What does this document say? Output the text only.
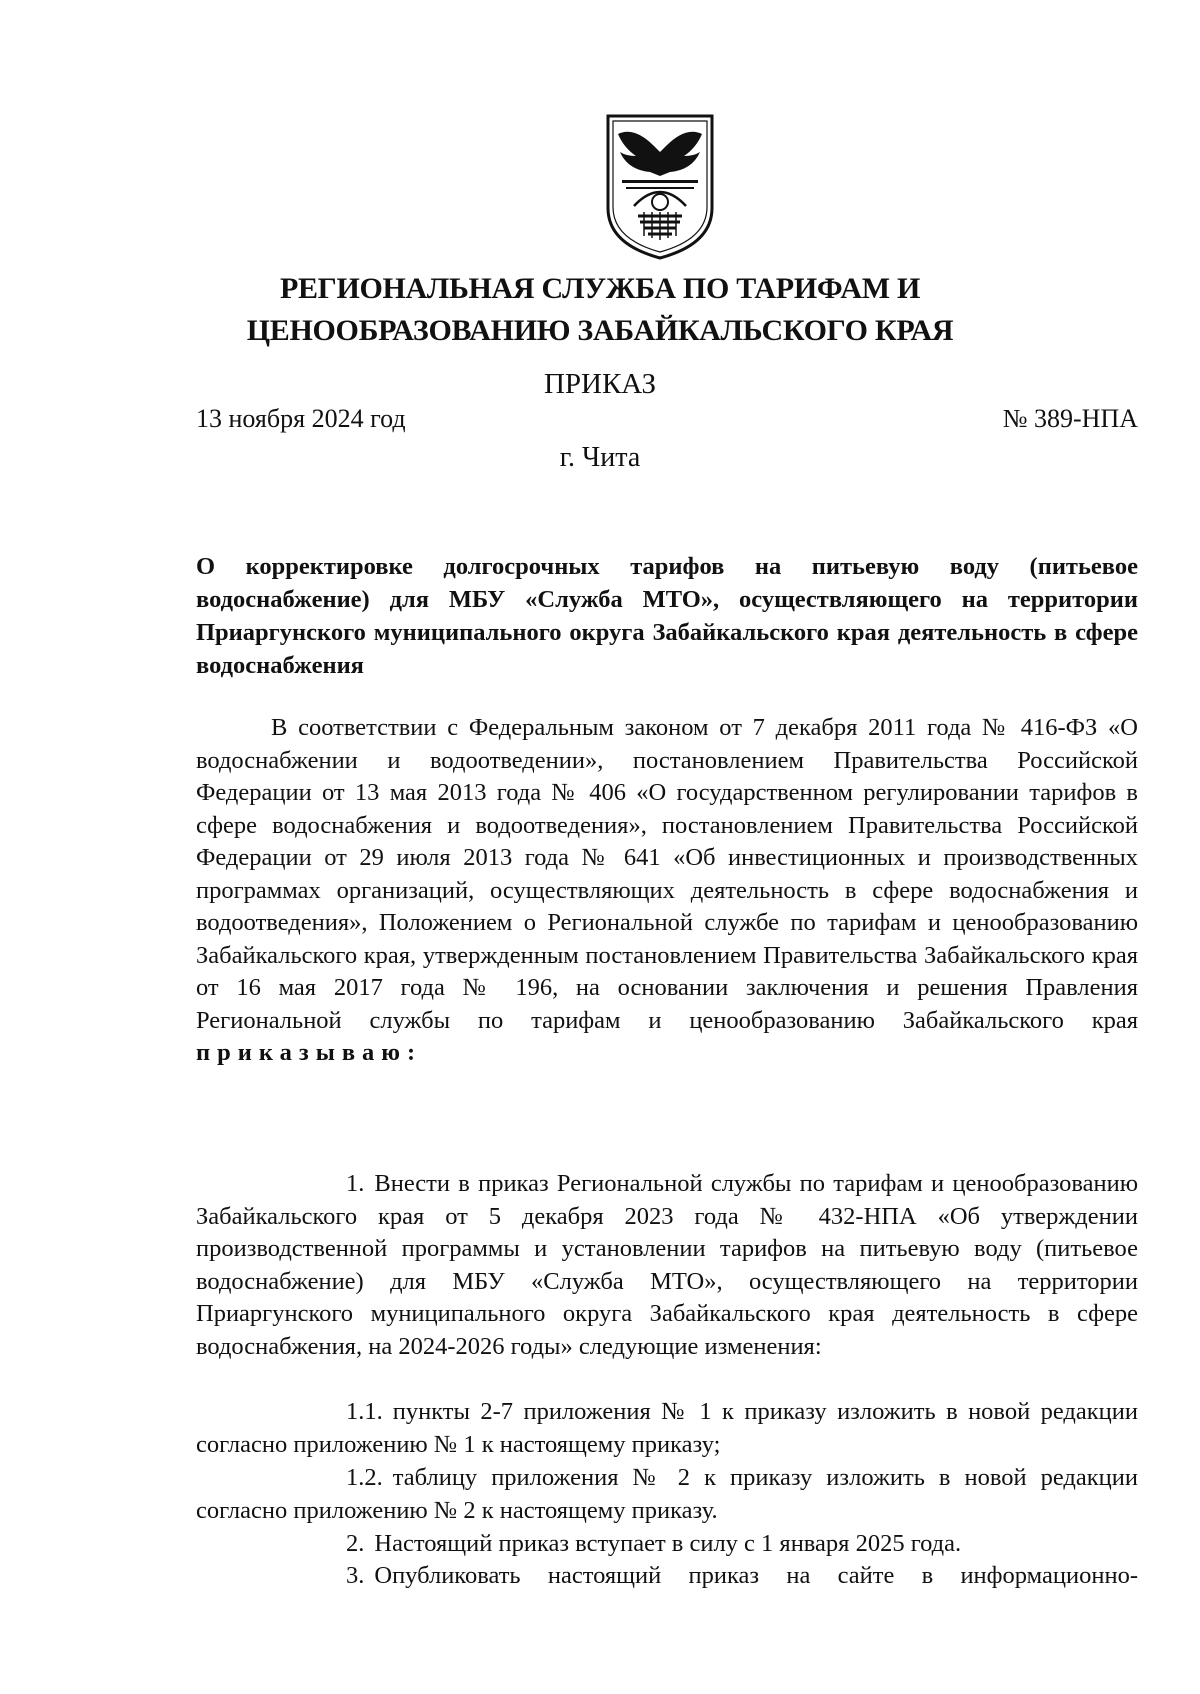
РЕГИОНАЛЬНАЯ СЛУЖБА ПО ТАРИФАМ И
ЦЕНООБРАЗОВАНИЮ ЗАБАЙКАЛЬСКОГО КРАЯ
ПРИКАЗ
13 ноября 2024 год	№ 389-НПА
г. Чита
О корректировке долгосрочных тарифов на питьевую воду (питьевое водоснабжение) для МБУ «Служба МТО», осуществляющего на территории Приаргунского муниципального округа Забайкальского края деятельность в сфере водоснабжения
В соответствии с Федеральным законом от 7 декабря 2011 года № 416-ФЗ «О водоснабжении и водоотведении», постановлением Правительства Российской Федерации от 13 мая 2013 года № 406 «О государственном регулировании тарифов в сфере водоснабжения и водоотведения», постановлением Правительства Российской Федерации от 29 июля 2013 года № 641 «Об инвестиционных и производственных программах организаций, осуществляющих деятельность в сфере водоснабжения и водоотведения», Положением о Региональной службе по тарифам и ценообразованию Забайкальского края, утвержденным постановлением Правительства Забайкальского края от 16 мая 2017 года № 196, на основании заключения и решения Правления Региональной службы по тарифам и ценообразованию Забайкальского края приказываю:
1. Внести в приказ Региональной службы по тарифам и ценообразованию Забайкальского края от 5 декабря 2023 года № 432-НПА «Об утверждении производственной программы и установлении тарифов на питьевую воду (питьевое водоснабжение) для МБУ «Служба МТО», осуществляющего на территории Приаргунского муниципального округа Забайкальского края деятельность в сфере водоснабжения, на 2024-2026 годы» следующие изменения:
1.1. пункты 2-7 приложения № 1 к приказу изложить в новой редакции согласно приложению № 1 к настоящему приказу;
1.2. таблицу приложения № 2 к приказу изложить в новой редакции согласно приложению № 2 к настоящему приказу.
2. Настоящий приказ вступает в силу с 1 января 2025 года.
3. Опубликовать настоящий приказ на сайте в информационно-
